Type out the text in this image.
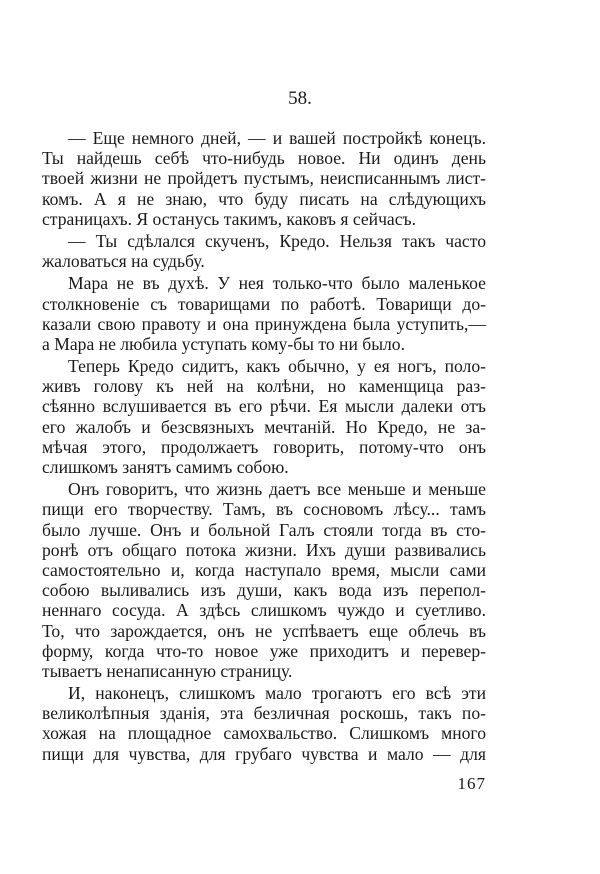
58.
— Еще немного дней, — и вашей постройкѣ конецъ.
Ты найдешь себѣ что-нибудь новое. Ни одинъ день
твоей жизни не пройдетъ пустымъ, неисписаннымъ лист-
комъ. А я не знаю, что буду писать на слѣдующихъ
страницахъ. Я останусь такимъ, каковъ я сейчасъ.
— Ты сдѣлался скученъ, Кредо. Нельзя такъ часто
жаловаться на судьбу.
Мара не въ духѣ. У нея только-что было маленькое
столкновеніе съ товарищами по работѣ. Товарищи до-
казали свою правоту и она принуждена была уступить,—
а Мара не любила уступать кому-бы то ни было.
Теперь Кредо сидитъ, какъ обычно, у ея ногъ, поло-
живъ голову къ ней на колѣни, но каменщица раз-
сѣянно вслушивается въ его рѣчи. Ея мысли далеки отъ
его жалобъ и безсвязныхъ мечтаній. Но Кредо, не за-
мѣчая этого, продолжаетъ говорить, потому-что онъ
слишкомъ занятъ самимъ собою.
Онъ говоритъ, что жизнь даетъ все меньше и меньше
пищи его творчеству. Тамъ, въ сосновомъ лѣсу... тамъ
было лучше. Онъ и больной Галъ стояли тогда въ сто-
ронѣ отъ общаго потока жизни. Ихъ души развивались
самостоятельно и, когда наступало время, мысли сами
собою выливались изъ души, какъ вода изъ перепол-
неннаго сосуда. А здѣсь слишкомъ чуждо и суетливо.
То, что зарождается, онъ не успѣваетъ еще облечь въ
форму, когда что-то новое уже приходитъ и перевер-
тываетъ ненаписанную страницу.
И, наконецъ, слишкомъ мало трогаютъ его всѣ эти
великолѣпныя зданія, эта безличная роскошь, такъ по-
хожая на площадное самохвальство. Слишкомъ много
пищи для чувства, для грубаго чувства и мало — для
167
